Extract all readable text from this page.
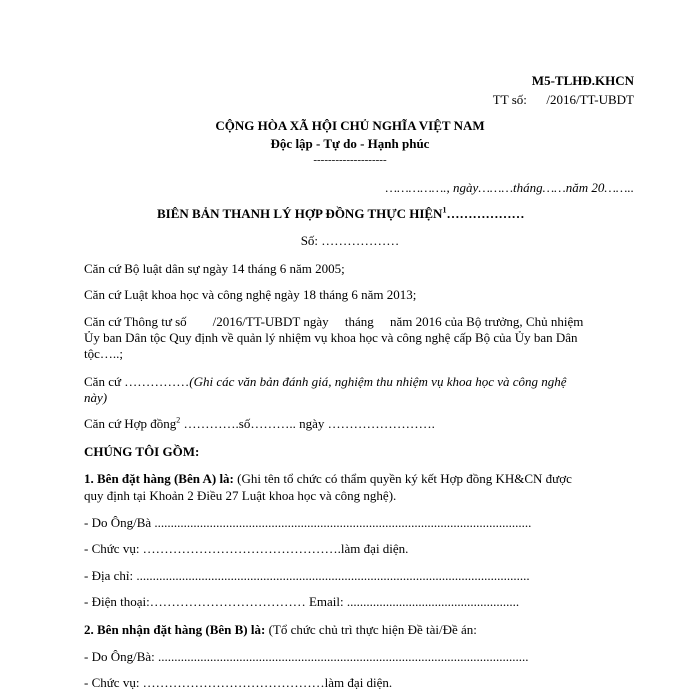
M5-TLHĐ.KHCN
TT số:      /2016/TT-UBDT
CỘNG HÒA XÃ HỘI CHỦ NGHĨA VIỆT NAM
Độc lập - Tự do - Hạnh phúc
--------------------
……………., ngày………tháng……năm 20……..
BIÊN BẢN THANH LÝ HỢP ĐỒNG THỰC HIỆN$^1$………………
Số: ………………
Căn cứ Bộ luật dân sự ngày 14 tháng 6 năm 2005;
Căn cứ Luật khoa học và công nghệ ngày 18 tháng 6 năm 2013;
Căn cứ Thông tư số        /2016/TT-UBDT ngày     tháng     năm 2016 của Bộ trưởng, Chủ nhiệm
Ủy ban Dân tộc Quy định về quản lý nhiệm vụ khoa học và công nghệ cấp Bộ của Ủy ban Dân
tộc…..;
Căn cứ ……………(Ghi các văn bản đánh giá, nghiệm thu nhiệm vụ khoa học và công nghệ
này)
Căn cứ Hợp đồng$^2$ ………….số……….. ngày …………………….
CHÚNG TÔI GỒM:
1. Bên đặt hàng (Bên A) là: (Ghi tên tổ chức có thẩm quyền ký kết Hợp đồng KH&CN được
quy định tại Khoản 2 Điều 27 Luật khoa học và công nghệ).
- Do Ông/Bà ....................................................................................................................
- Chức vụ: ……………………………………….làm đại diện.
- Địa chỉ: .........................................................................................................................
- Điện thoại:……………………………… Email: .....................................................
2. Bên nhận đặt hàng (Bên B) là: (Tổ chức chủ trì thực hiện Đề tài/Đề án:
- Do Ông/Bà: ..................................................................................................................
- Chức vụ: ……………………………………làm đại diện.
